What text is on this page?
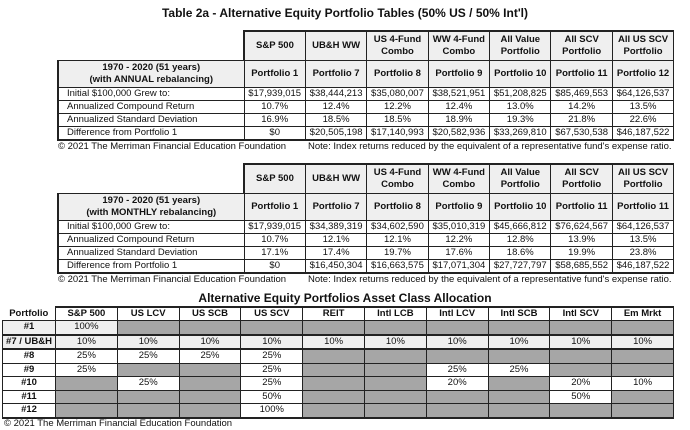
Table 2a - Alternative Equity Portfolio Tables (50% US / 50% Int'l)
	S&P 500	UB&H WW	US 4-Fund Combo	WW 4-Fund Combo	All Value Portfolio	All SCV Portfolio	All US SCV Portfolio

1970 - 2020 (51 years)
(with ANNUAL rebalancing)	Portfolio 1	Portfolio 7	Portfolio 8	Portfolio 9	Portfolio 10	Portfolio 11	Portfolio 12
Initial $100,000 Grew to:	$17,939,015	$38,444,213	$35,080,007	$38,521,951	$51,208,825	$85,469,553	$64,126,537
Annualized Compound Return	10.7%	12.4%	12.2%	12.4%	13.0%	14.2%	13.5%
Annualized Standard Deviation	16.9%	18.5%	18.5%	18.9%	19.3%	21.8%	22.6%
Difference from Portfolio 1	$0	$20,505,198	$17,140,993	$20,582,936	$33,269,810	$67,530,538	$46,187,522
© 2021 The Merriman Financial Education Foundation Note: Index returns reduced by the equivalent of a representative fund's expense ratio.
	S&P 500	UB&H WW	US 4-Fund Combo	WW 4-Fund Combo	All Value Portfolio	All SCV Portfolio	All US SCV Portfolio

1970 - 2020 (51 years)
(with MONTHLY rebalancing)	Portfolio 1	Portfolio 7	Portfolio 8	Portfolio 9	Portfolio 10	Portfolio 11	Portfolio 11
Initial $100,000 Grew to:	$17,939,015	$34,389,319	$34,602,590	$35,010,319	$45,666,812	$76,624,567	$64,126,537
Annualized Compound Return	10.7%	12.1%	12.1%	12.2%	12.8%	13.9%	13.5%
Annualized Standard Deviation	17.1%	17.4%	19.7%	17.6%	18.6%	19.9%	23.8%
Difference from Portfolio 1	$0	$16,450,304	$16,663,575	$17,071,304	$27,727,797	$58,685,552	$46,187,522
© 2021 The Merriman Financial Education Foundation Note: Index returns reduced by the equivalent of a representative fund's expense ratio.
Alternative Equity Portfolios Asset Class Allocation
Portfolio	S&P 500	US LCV	US SCB	US SCV	REIT	Intl LCB	Intl LCV	Intl SCB	Intl SCV	Em Mrkt
#1	100%									
#7 / UB&H	10%	10%	10%	10%	10%	10%	10%	10%	10%	10%
#8	25%	25%	25%	25%						
#9	25%			25%			25%	25%		
#10		25%		25%			20%		20%	10%
#11				50%					50%	
#12				100%						
© 2021 The Merriman Financial Education Foundation
